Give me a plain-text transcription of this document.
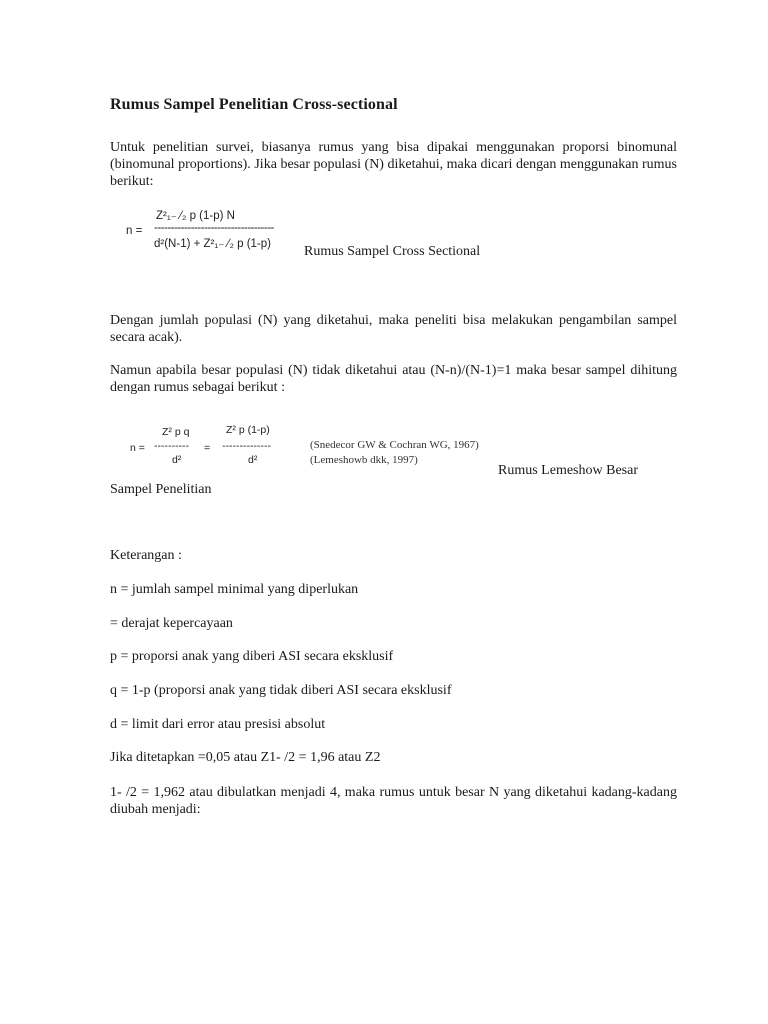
Rumus Sampel Penelitian Cross-sectional

Untuk penelitian survei, biasanya rumus yang bisa dipakai menggunakan proporsi binomunal (binomunal proportions). Jika besar populasi (N) diketahui, maka dicari dengan menggunakan rumus berikut:

n =
Z²₁₋ ⁄₂ p (1-p) N
------------------------------------
d²(N-1) + Z²₁₋ ⁄₂ p (1-p) Rumus Sampel Cross Sectional

Dengan jumlah populasi (N) yang diketahui, maka peneliti bisa melakukan pengambilan sampel secara acak).

Namun apabila besar populasi (N) tidak diketahui atau (N-n)/(N-1)=1 maka besar sampel dihitung dengan rumus sebagai berikut :

n =
Z² p q
----------
d²
=
Z² p (1-p)
--------------
d²
(Snedecor GW & Cochran WG, 1967)
(Lemeshowb dkk, 1997)
Rumus Lemeshow Besar
Sampel Penelitian
Keterangan :
n = jumlah sampel minimal yang diperlukan
= derajat kepercayaan
p = proporsi anak yang diberi ASI secara eksklusif
q = 1-p (proporsi anak yang tidak diberi ASI secara eksklusif
d = limit dari error atau presisi absolut
Jika ditetapkan =0,05 atau Z1- /2 = 1,96 atau Z2

1- /2 = 1,962 atau dibulatkan menjadi 4, maka rumus untuk besar N yang diketahui kadang-kadang diubah menjadi:
